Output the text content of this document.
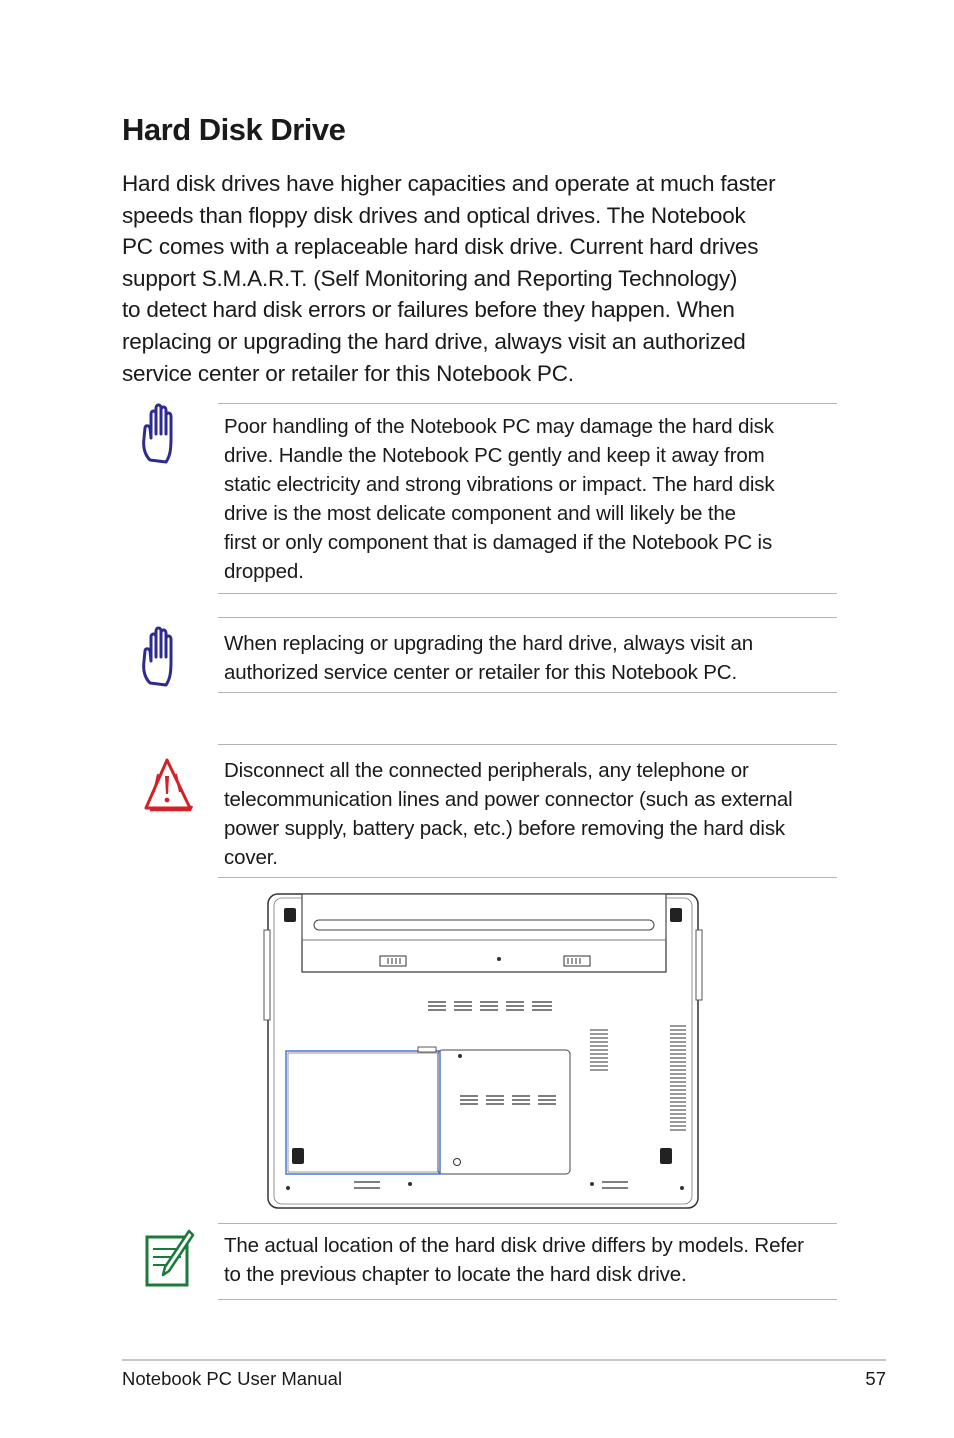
Hard Disk Drive

Hard disk drives have higher capacities and operate at much faster
speeds than floppy disk drives and optical drives. The Notebook
PC comes with a replaceable hard disk drive. Current hard drives
support S.M.A.R.T. (Self Monitoring and Reporting Technology)
to detect hard disk errors or failures before they happen. When
replacing or upgrading the hard drive, always visit an authorized
service center or retailer for this Notebook PC.

Poor handling of the Notebook PC may damage the hard disk
drive. Handle the Notebook PC gently and keep it away from
static electricity and strong vibrations or impact. The hard disk
drive is the most delicate component and will likely be the
first or only component that is damaged if the Notebook PC is
dropped.

When replacing or upgrading the hard drive, always visit an
authorized service center or retailer for this Notebook PC.

Disconnect all the connected peripherals, any telephone or
telecommunication lines and power connector (such as external
power supply, battery pack, etc.) before removing the hard disk
cover.

The actual location of the hard disk drive differs by models. Refer
to the previous chapter to locate the hard disk drive.

Notebook PC User Manual	57
